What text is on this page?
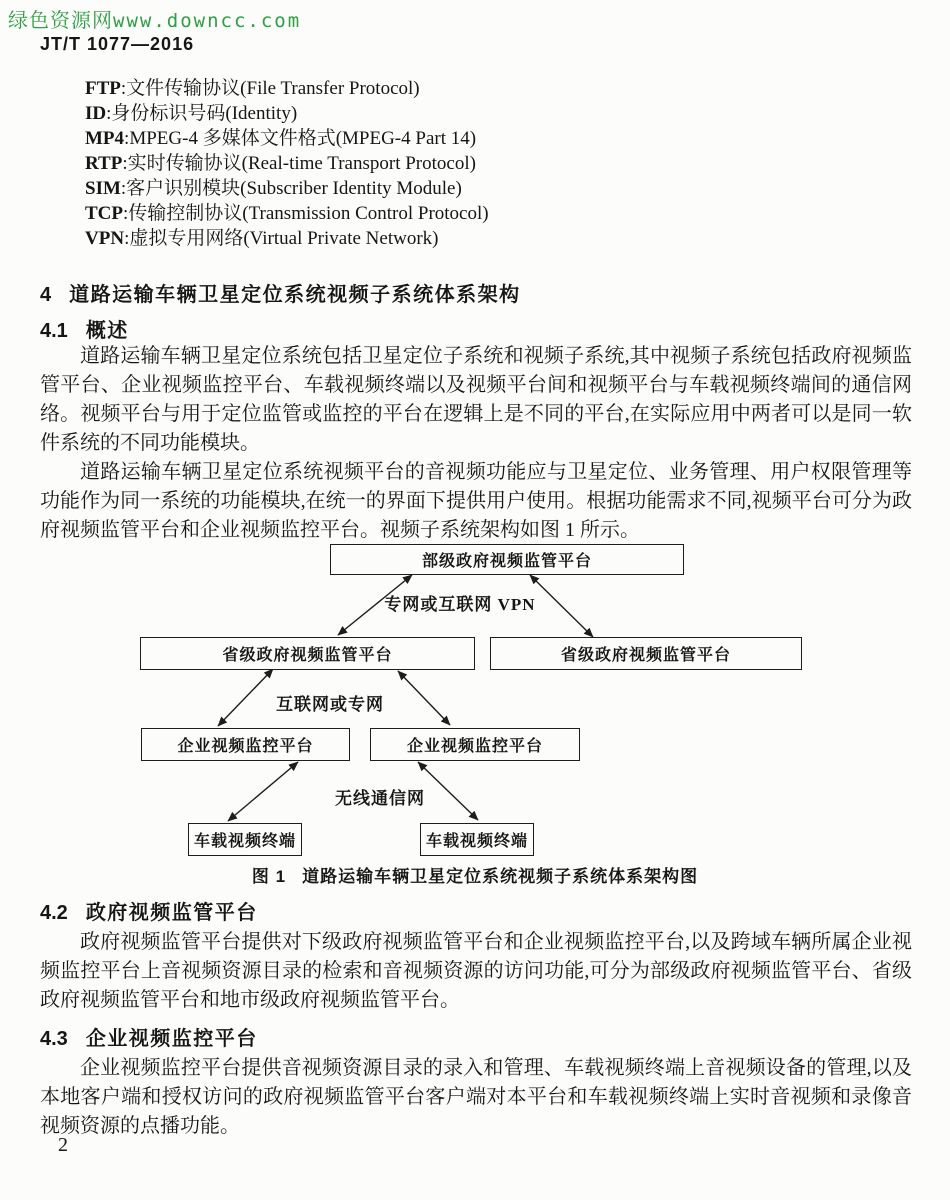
绿色资源网www.downcc.com
JT/T 1077—2016
FTP:文件传输协议(File Transfer Protocol)
ID:身份标识号码(Identity)
MP4:MPEG-4 多媒体文件格式(MPEG-4 Part 14)
RTP:实时传输协议(Real-time Transport Protocol)
SIM:客户识别模块(Subscriber Identity Module)
TCP:传输控制协议(Transmission Control Protocol)
VPN:虚拟专用网络(Virtual Private Network)
4 道路运输车辆卫星定位系统视频子系统体系架构
4.1 概述

道路运输车辆卫星定位系统包括卫星定位子系统和视频子系统,其中视频子系统包括政府视频监管平台、企业视频监控平台、车载视频终端以及视频平台间和视频平台与车载视频终端间的通信网络。视频平台与用于定位监管或监控的平台在逻辑上是不同的平台,在实际应用中两者可以是同一软件系统的不同功能模块。

道路运输车辆卫星定位系统视频平台的音视频功能应与卫星定位、业务管理、用户权限管理等功能作为同一系统的功能模块,在统一的界面下提供用户使用。根据功能需求不同,视频平台可分为政府视频监管平台和企业视频监控平台。视频子系统架构如图 1 所示。

部级政府视频监管平台
省级政府视频监管平台	省级政府视频监管平台
企业视频监控平台	企业视频监控平台
车载视频终端	车载视频终端
专网或互联网 VPN
互联网或专网
无线通信网
图 1 道路运输车辆卫星定位系统视频子系统体系架构图
4.2 政府视频监管平台

政府视频监管平台提供对下级政府视频监管平台和企业视频监控平台,以及跨域车辆所属企业视频监控平台上音视频资源目录的检索和音视频资源的访问功能,可分为部级政府视频监管平台、省级政府视频监管平台和地市级政府视频监管平台。

4.3 企业视频监控平台

企业视频监控平台提供音视频资源目录的录入和管理、车载视频终端上音视频设备的管理,以及本地客户端和授权访问的政府视频监管平台客户端对本平台和车载视频终端上实时音视频和录像音视频资源的点播功能。

2
